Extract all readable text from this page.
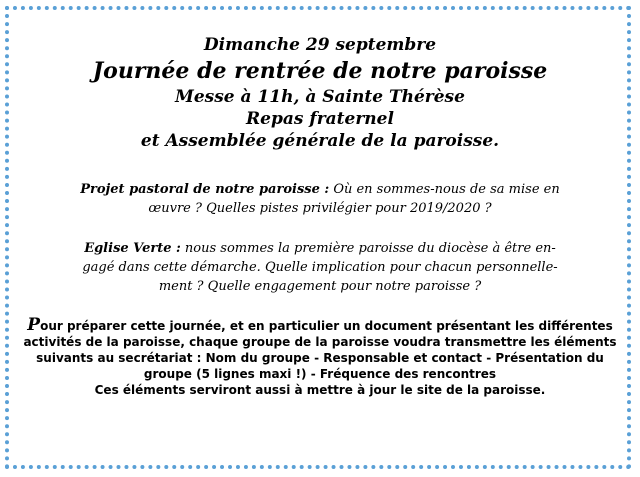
Dimanche 29 septembre

Journée de rentrée de notre paroisse

Messe à 11h, à Sainte Thérèse

Repas fraternel

et Assemblée générale de la paroisse.

Projet pastoral de notre paroisse : Où en sommes-nous de sa mise en
œuvre ? Quelles pistes privilégier pour 2019/2020 ?

Eglise Verte : nous sommes la première paroisse du diocèse à être en-
gagé dans cette démarche. Quelle implication pour chacun personnelle-
ment ? Quelle engagement pour notre paroisse ?

Pour préparer cette journée, et en particulier un document présentant les différentes
activités de la paroisse, chaque groupe de la paroisse voudra transmettre les éléments
suivants au secrétariat : Nom du groupe - Responsable et contact - Présentation du
groupe (5 lignes maxi !) - Fréquence des rencontres
Ces éléments serviront aussi à mettre à jour le site de la paroisse.
